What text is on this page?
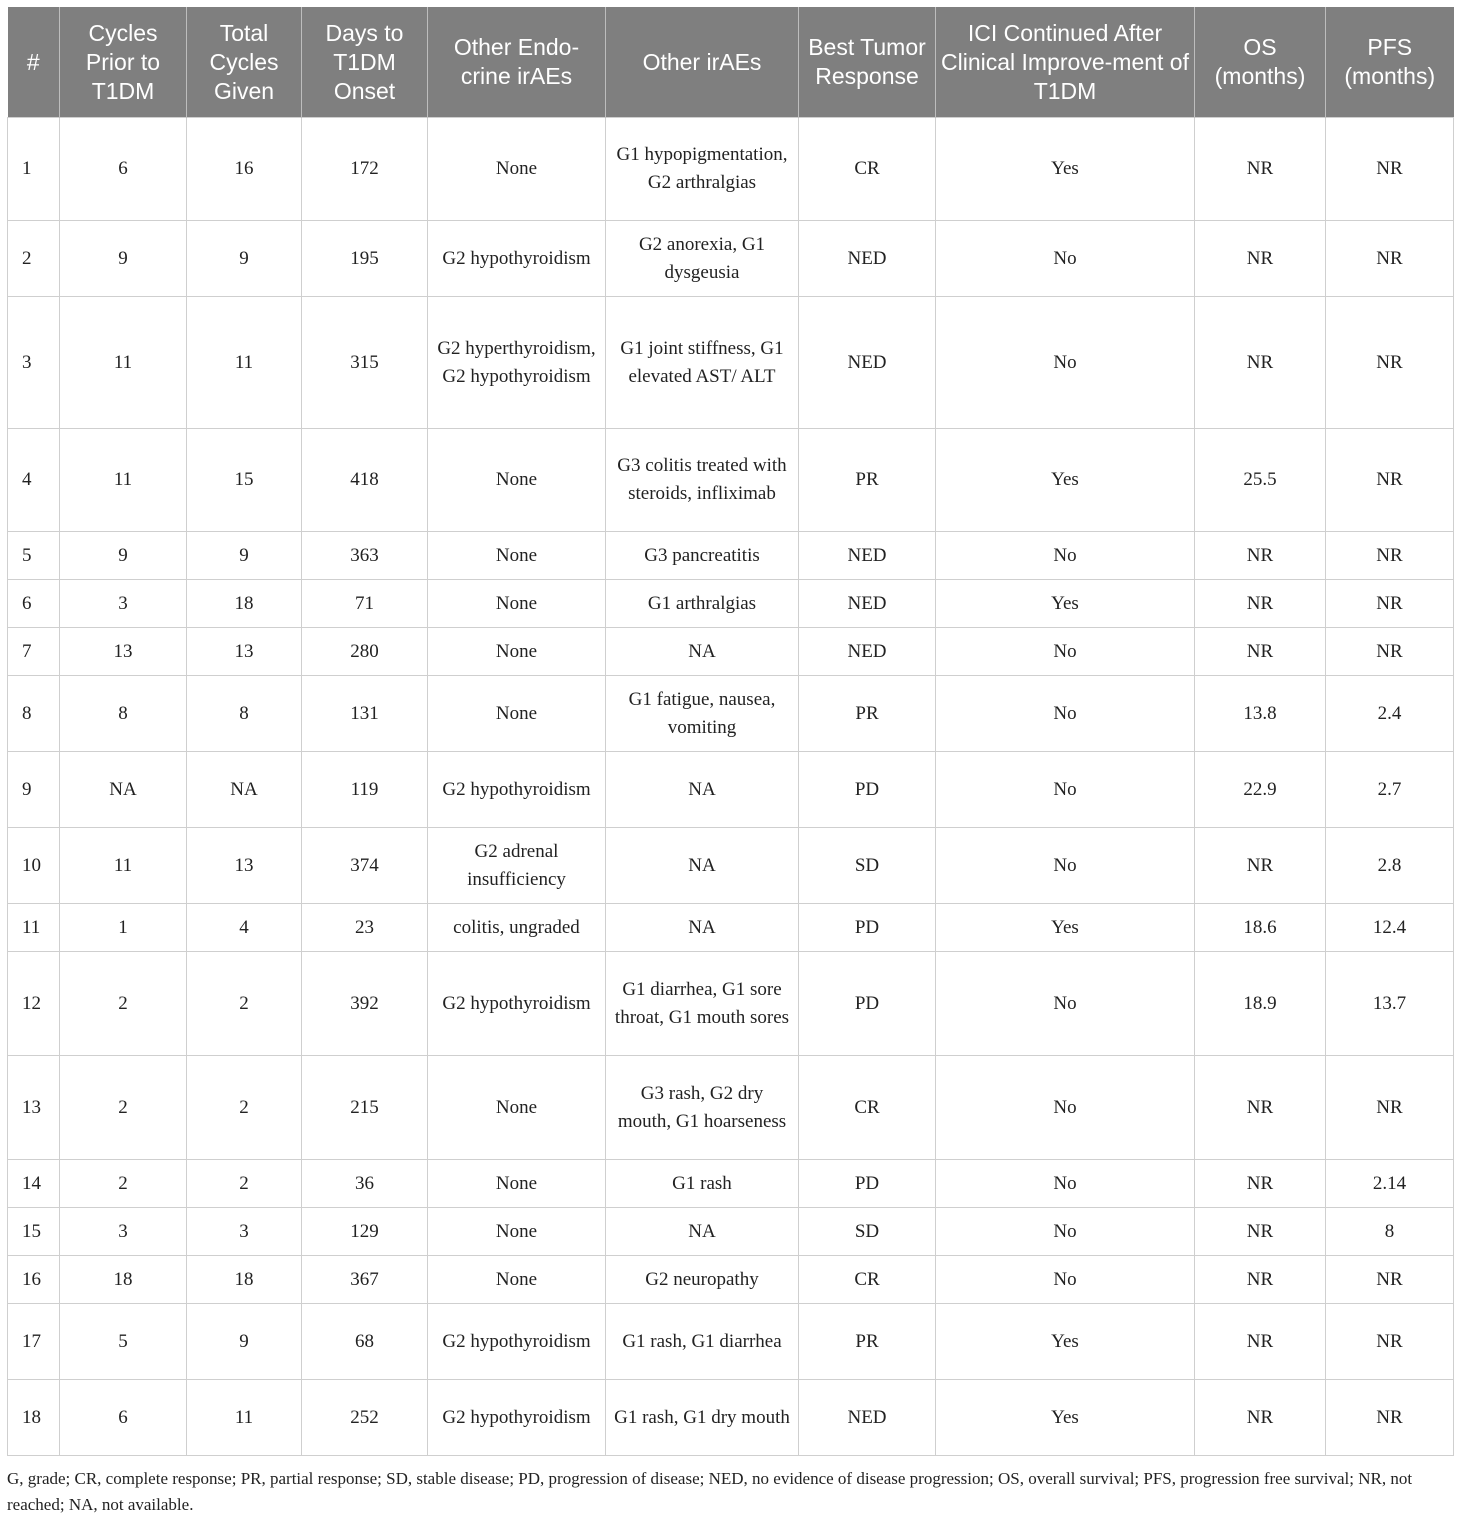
#	Cycles Prior to T1DM	Total Cycles Given	Days to T1DM Onset	Other Endo-crine irAEs	Other irAEs	Best Tumor Response	ICI Continued After Clinical Improve-ment of T1DM	OS (months)	PFS (months)
1	6	16	172	None	G1 hypopigmentation, G2 arthralgias	CR	Yes	NR	NR
2	9	9	195	G2 hypothyroidism	G2 anorexia, G1 dysgeusia	NED	No	NR	NR
3	11	11	315	G2 hyperthyroidism, G2 hypothyroidism	G1 joint stiffness, G1 elevated AST/ ALT	NED	No	NR	NR
4	11	15	418	None	G3 colitis treated with steroids, infliximab	PR	Yes	25.5	NR
5	9	9	363	None	G3 pancreatitis	NED	No	NR	NR
6	3	18	71	None	G1 arthralgias	NED	Yes	NR	NR
7	13	13	280	None	NA	NED	No	NR	NR
8	8	8	131	None	G1 fatigue, nausea, vomiting	PR	No	13.8	2.4
9	NA	NA	119	G2 hypothyroidism	NA	PD	No	22.9	2.7
10	11	13	374	G2 adrenal insufficiency	NA	SD	No	NR	2.8
11	1	4	23	colitis, ungraded	NA	PD	Yes	18.6	12.4
12	2	2	392	G2 hypothyroidism	G1 diarrhea, G1 sore throat, G1 mouth sores	PD	No	18.9	13.7
13	2	2	215	None	G3 rash, G2 dry mouth, G1 hoarseness	CR	No	NR	NR
14	2	2	36	None	G1 rash	PD	No	NR	2.14
15	3	3	129	None	NA	SD	No	NR	8
16	18	18	367	None	G2 neuropathy	CR	No	NR	NR
17	5	9	68	G2 hypothyroidism	G1 rash, G1 diarrhea	PR	Yes	NR	NR
18	6	11	252	G2 hypothyroidism	G1 rash, G1 dry mouth	NED	Yes	NR	NR
G, grade; CR, complete response; PR, partial response; SD, stable disease; PD, progression of disease; NED, no evidence of disease progression; OS, overall survival; PFS, progression free survival; NR, not reached; NA, not available.
